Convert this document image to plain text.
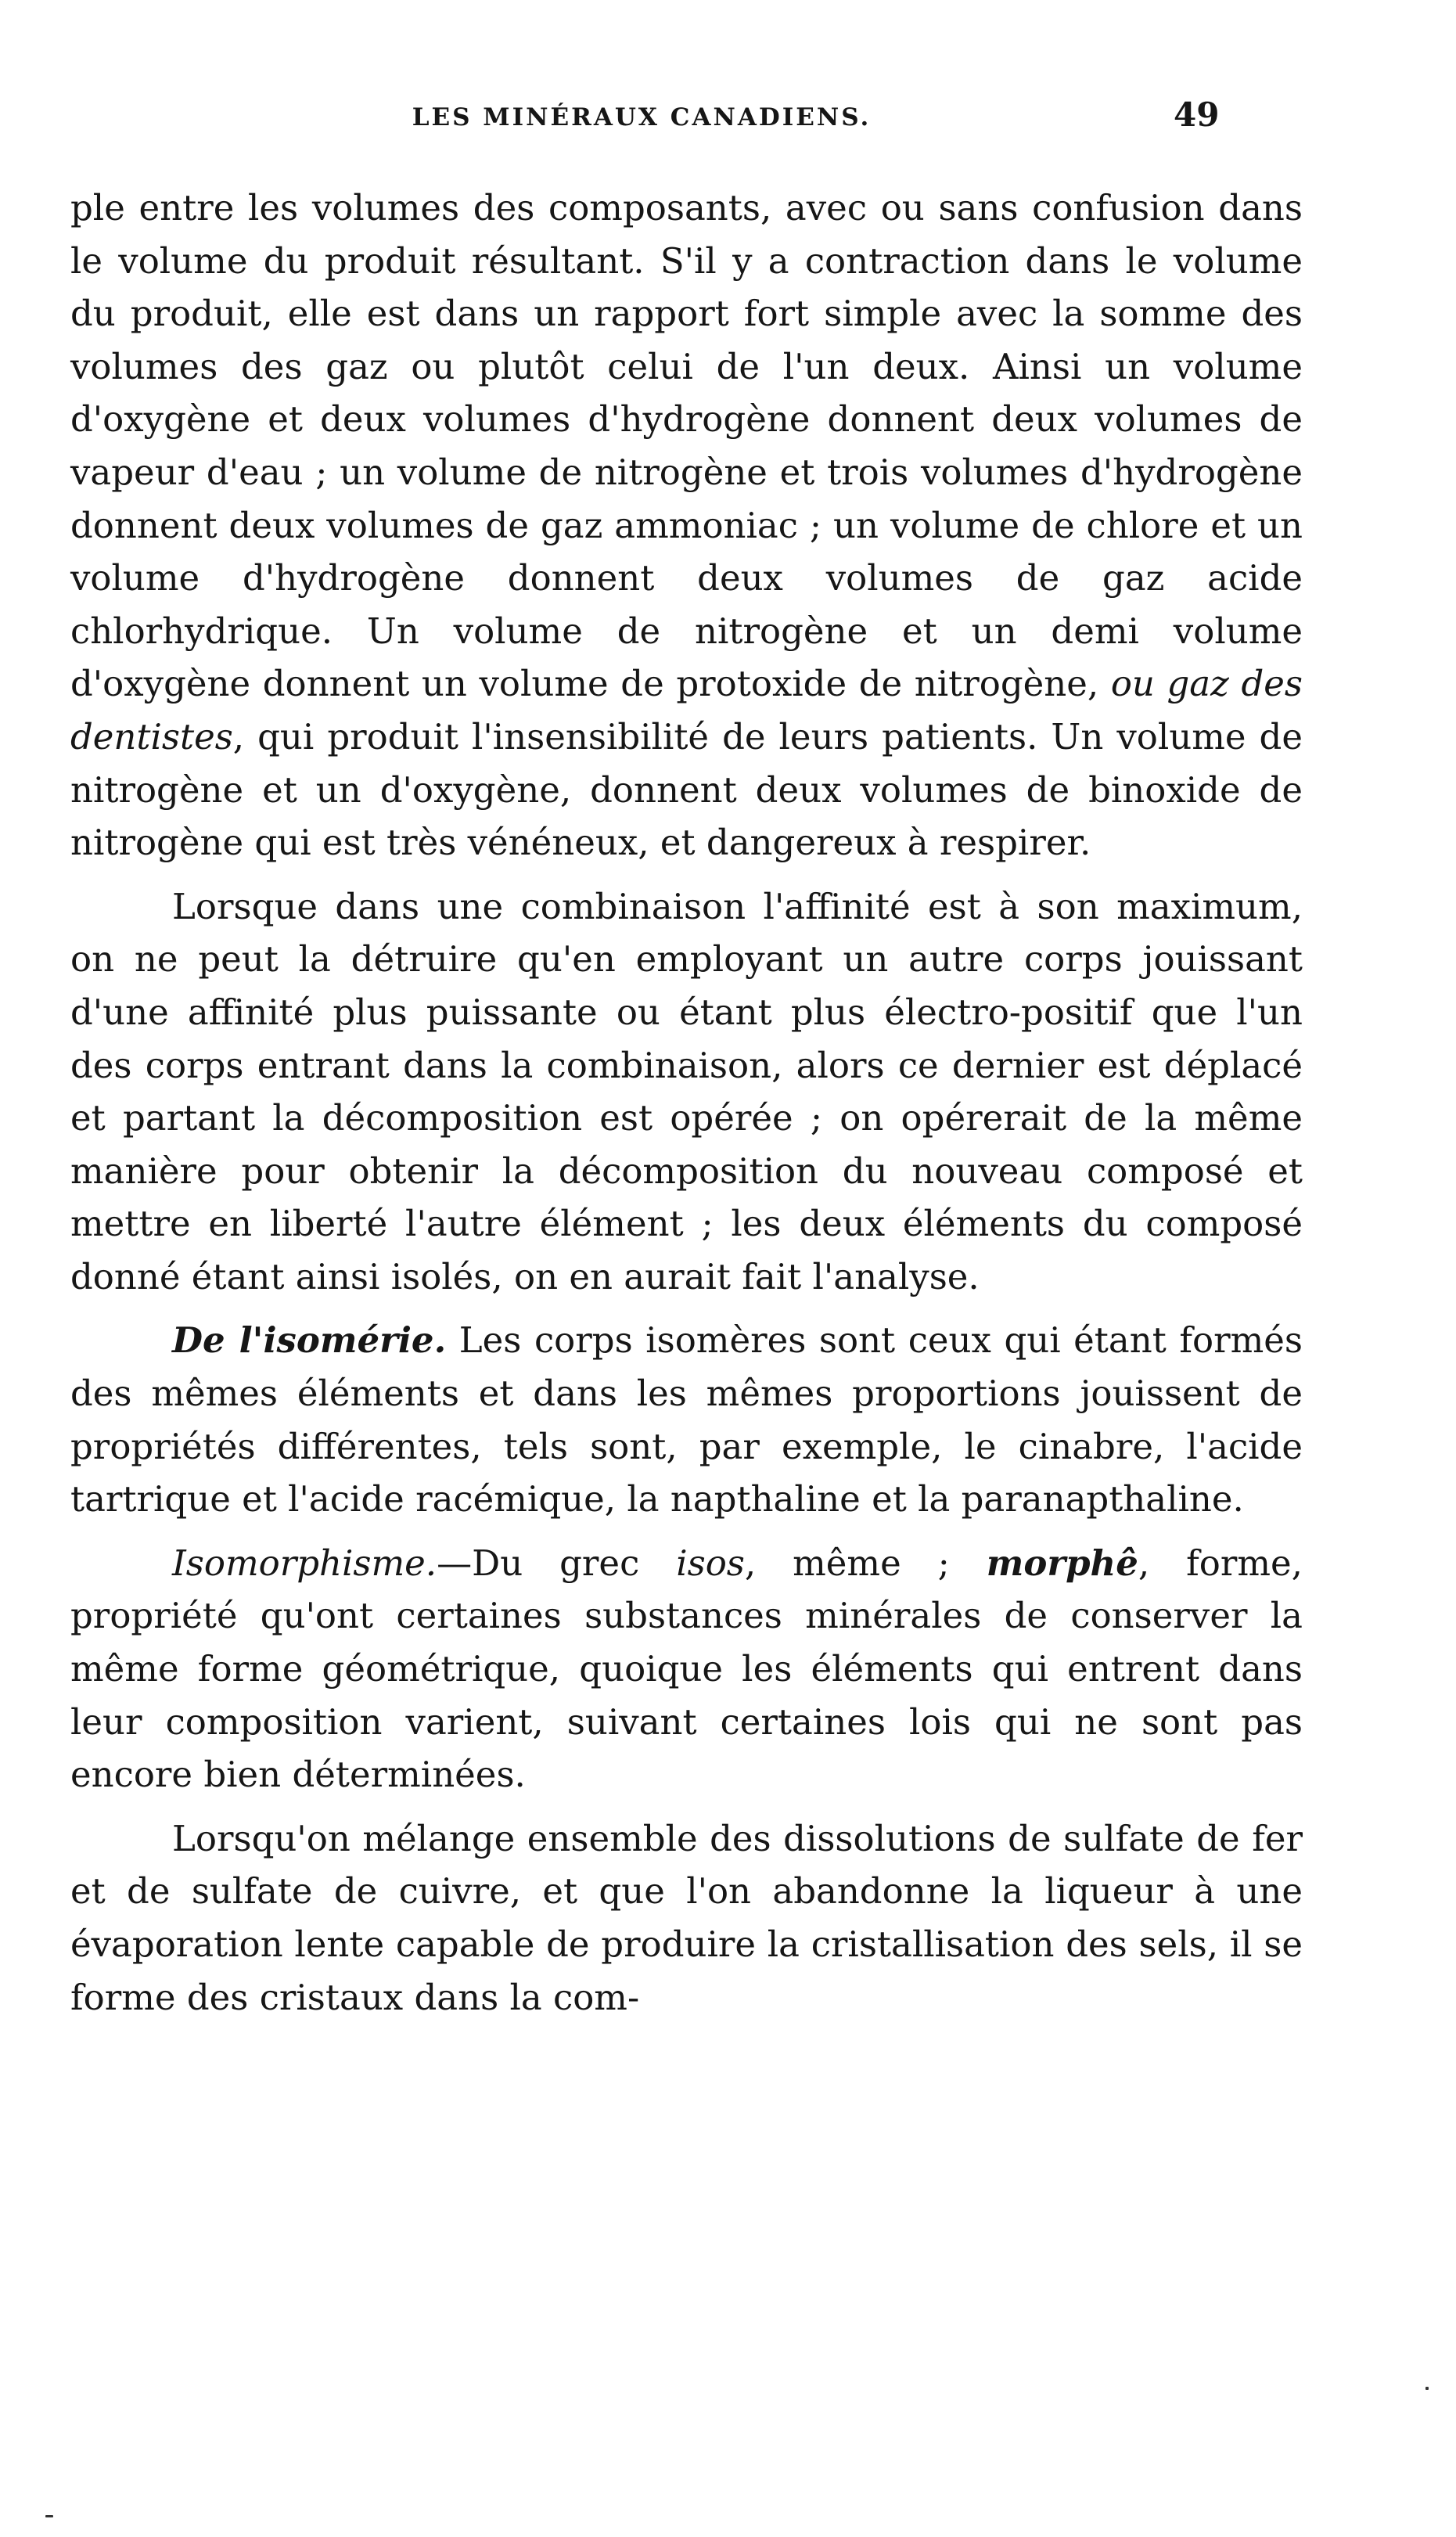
LES MINÉRAUX CANADIENS.	49

ple entre les volumes des composants, avec ou sans confusion dans le volume du produit résultant. S'il y a contraction dans le volume du produit, elle est dans un rapport fort simple avec la somme des volumes des gaz ou plutôt celui de l'un deux. Ainsi un volume d'oxygène et deux volumes d'hydrogène donnent deux volumes de vapeur d'eau ; un volume de nitrogène et trois volumes d'hydrogène donnent deux volumes de gaz ammoniac ; un volume de chlore et un volume d'hydrogène donnent deux volumes de gaz acide chlorhydrique. Un volume de nitrogène et un demi volume d'oxygène donnent un volume de protoxide de nitrogène, ou gaz des dentistes, qui produit l'insensibilité de leurs patients. Un volume de nitrogène et un d'oxygène, donnent deux volumes de binoxide de nitrogène qui est très vénéneux, et dangereux à respirer.

Lorsque dans une combinaison l'affinité est à son maximum, on ne peut la détruire qu'en employant un autre corps jouissant d'une affinité plus puissante ou étant plus électro-positif que l'un des corps entrant dans la combinaison, alors ce dernier est déplacé et partant la décomposition est opérée ; on opérerait de la même manière pour obtenir la décomposition du nouveau composé et mettre en liberté l'autre élément ; les deux éléments du composé donné étant ainsi isolés, on en aurait fait l'analyse.

De l'isomérie. Les corps isomères sont ceux qui étant formés des mêmes éléments et dans les mêmes proportions jouissent de propriétés différentes, tels sont, par exemple, le cinabre, l'acide tartrique et l'acide racémique, la napthaline et la paranapthaline.

Isomorphisme.—Du grec isos, même ; morphê, forme, propriété qu'ont certaines substances minérales de conserver la même forme géométrique, quoique les éléments qui entrent dans leur composition varient, suivant certaines lois qui ne sont pas encore bien déterminées.

Lorsqu'on mélange ensemble des dissolutions de sulfate de fer et de sulfate de cuivre, et que l'on abandonne la liqueur à une évaporation lente capable de produire la cristallisation des sels, il se forme des cristaux dans la com-
